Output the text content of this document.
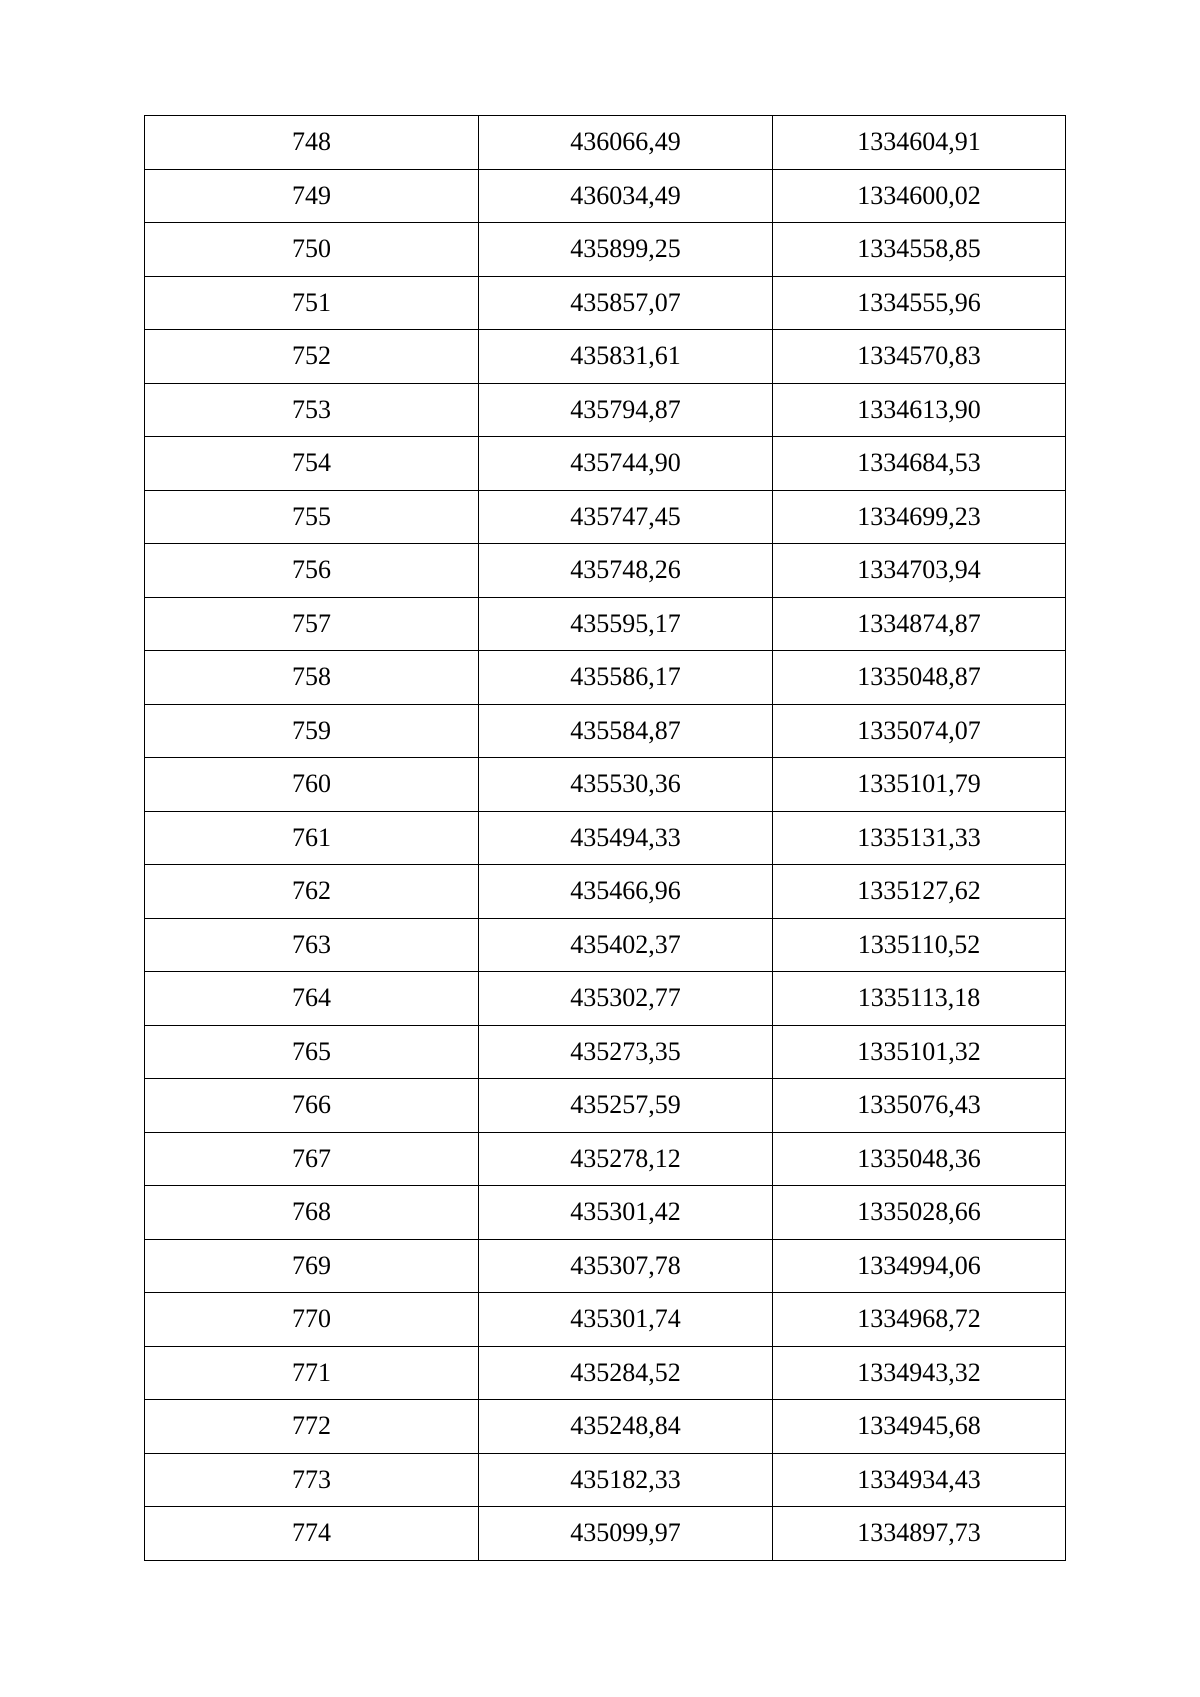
748	436066,49	1334604,91
749	436034,49	1334600,02
750	435899,25	1334558,85
751	435857,07	1334555,96
752	435831,61	1334570,83
753	435794,87	1334613,90
754	435744,90	1334684,53
755	435747,45	1334699,23
756	435748,26	1334703,94
757	435595,17	1334874,87
758	435586,17	1335048,87
759	435584,87	1335074,07
760	435530,36	1335101,79
761	435494,33	1335131,33
762	435466,96	1335127,62
763	435402,37	1335110,52
764	435302,77	1335113,18
765	435273,35	1335101,32
766	435257,59	1335076,43
767	435278,12	1335048,36
768	435301,42	1335028,66
769	435307,78	1334994,06
770	435301,74	1334968,72
771	435284,52	1334943,32
772	435248,84	1334945,68
773	435182,33	1334934,43
774	435099,97	1334897,73
